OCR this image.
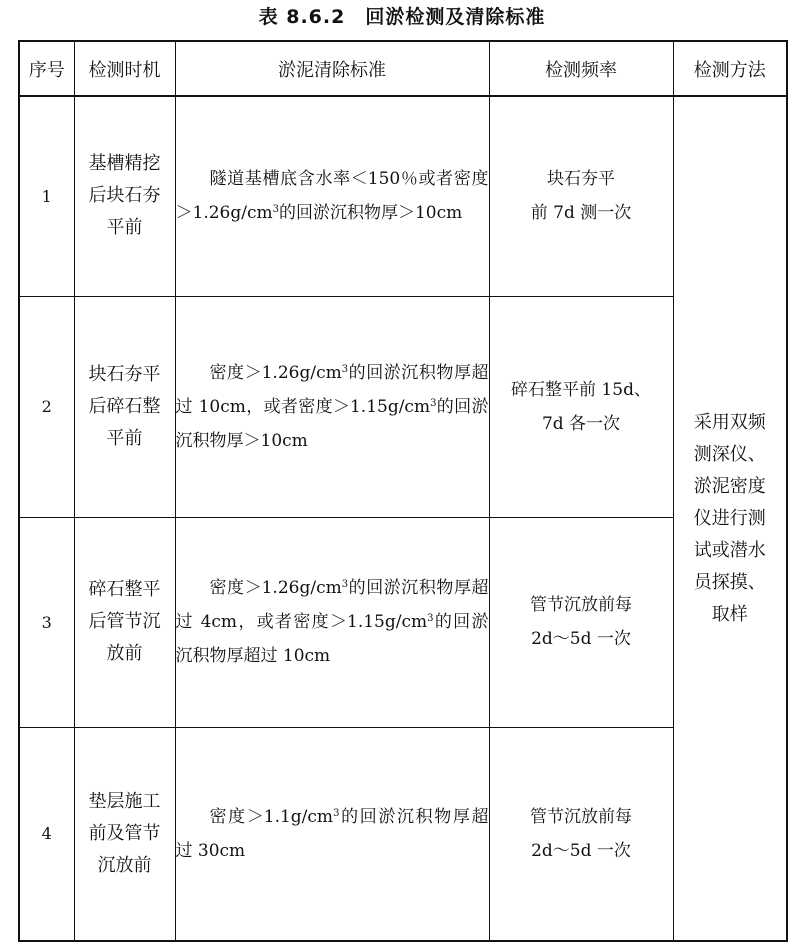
表 8.6.2 回淤检测及清除标准
序号	检测时机	淤泥清除标准	检测频率	检测方法
1	基槽精挖后块石夯平前	隧道基槽底含水率＜150％或者密度$>1.26g/cm^3$的回淤沉积物厚＞10cm	块石夯平
前 7d 测一次	采用双频测深仪、淤泥密度仪进行测试或潜水员探摸、取样
2	块石夯平后碎石整平前	密度$>1.26g/cm^3$的回淤沉积物厚超过 10cm，或者密度$>1.15g/cm^3$的回淤沉积物厚＞10cm	碎石整平前 15d、
7d 各一次	

3	碎石整平后管节沉放前	密度$>1.26g/cm^3$的回淤沉积物厚超过 4cm，或者密度$>1.15g/cm^3$的回淤沉积物厚超过 10cm	管节沉放前每
2d～5d 一次	

4	垫层施工前及管节沉放前	密度$>1.1g/cm^3$的回淤沉积物厚超过 30cm	管节沉放前每
2d～5d 一次	
